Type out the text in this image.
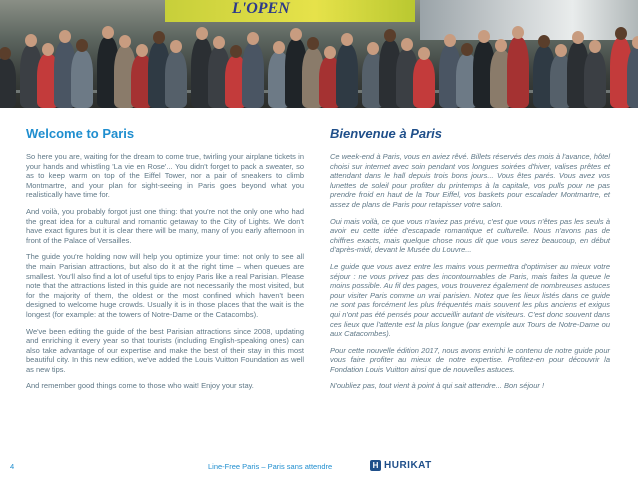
L'OPEN
Welcome to Paris

So here you are, waiting for the dream to come true, twirling your airplane tickets in your hands and whistling 'La vie en Rose'... You didn't forget to pack a sweater, so as to keep warm on top of the Eiffel Tower, nor a pair of sneakers to climb Montmartre, and your plan for sight-seeing in Paris goes beyond what you realistically have time for.

And voilà, you probably forgot just one thing: that you're not the only one who had the great idea for a cultural and romantic getaway to the City of Lights. We don't have exact figures but it is clear there will be many, many of you early afternoon in front of the Palace of Versailles.

The guide you're holding now will help you optimize your time: not only to see all the main Parisian attractions, but also do it at the right time – when queues are smallest. You'll also find a lot of useful tips to enjoy Paris like a real Parisian. Please note that the attractions listed in this guide are not necessarily the most visited, but for the majority of them, the oldest or the most confined which haven't been designed to welcome huge crowds. Usually it is in those places that the wait is the longest (for example: at the towers of Notre-Dame or the Catacombs).

We've been editing the guide of the best Parisian attractions since 2008, updating and enriching it every year so that tourists (including English-speaking ones) can also take advantage of our expertise and make the best of their stay in this most beautiful city. In this new edition, we've added the Louis Vuitton Foundation as well as new tips.

And remember good things come to those who wait! Enjoy your stay.

Bienvenue à Paris

Ce week-end à Paris, vous en aviez rêvé. Billets réservés des mois à l'avance, hôtel choisi sur internet avec soin pendant vos longues soirées d'hiver, valises prêtes et attendant dans le hall depuis trois bons jours... Vous êtes parés. Vous avez vos lunettes de soleil pour profiter du printemps à la capitale, vos pulls pour ne pas prendre froid en haut de la Tour Eiffel, vos baskets pour escalader Montmartre, et assez de plans de Paris pour retapisser votre salon.

Oui mais voilà, ce que vous n'aviez pas prévu, c'est que vous n'êtes pas les seuls à avoir eu cette idée d'escapade romantique et culturelle. Nous n'avons pas de chiffres exacts, mais quelque chose nous dit que vous serez beaucoup, en début d'après-midi, devant le Musée du Louvre...

Le guide que vous avez entre les mains vous permettra d'optimiser au mieux votre séjour : ne vous privez pas des incontournables de Paris, mais faites la queue le moins possible. Au fil des pages, vous trouverez également de nombreuses astuces pour visiter Paris comme un vrai parisien. Notez que les lieux listés dans ce guide ne sont pas forcément les plus fréquentés mais souvent les plus anciens et exigus qui n'ont pas été pensés pour accueillir autant de visiteurs. C'est donc souvent dans ces lieux que l'attente est la plus longue (par exemple aux Tours de Notre-Dame ou aux Catacombes).

Pour cette nouvelle édition 2017, nous avons enrichi le contenu de notre guide pour vous faire profiter au mieux de notre expertise. Profitez-en pour découvrir la Fondation Louis Vuitton ainsi que de nouvelles astuces.

N'oubliez pas, tout vient à point à qui sait attendre... Bon séjour !

4	Line-Free Paris – Paris sans attendre	H HURIKAT
